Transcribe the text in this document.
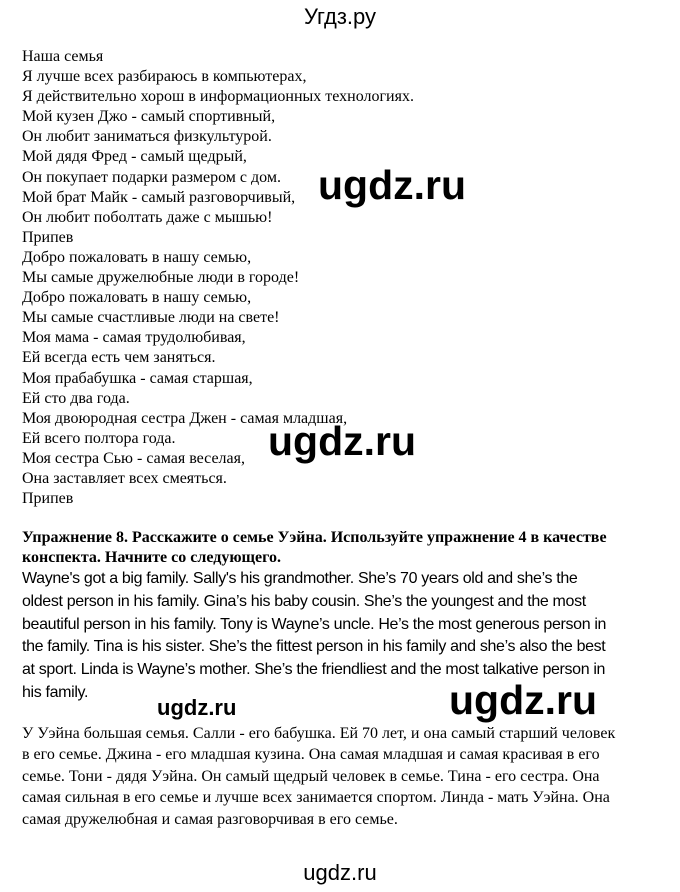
Угдз.ру
Наша семья
Я лучше всех разбираюсь в компьютерах,
Я действительно хорош в информационных технологиях.
Мой кузен Джо - самый спортивный,
Он любит заниматься физкультурой.
Мой дядя Фред - самый щедрый,
Он покупает подарки размером с дом.
Мой брат Майк - самый разговорчивый,
Он любит поболтать даже с мышью!
Припев
Добро пожаловать в нашу семью,
Мы самые дружелюбные люди в городе!
Добро пожаловать в нашу семью,
Мы самые счастливые люди на свете!
Моя мама - самая трудолюбивая,
Ей всегда есть чем заняться.
Моя прабабушка - самая старшая,
Ей сто два года.
Моя двоюродная сестра Джен - самая младшая,
Ей всего полтора года.
Моя сестра Сью - самая веселая,
Она заставляет всех смеяться.
Припев
ugdz.ru
ugdz.ru
Упражнение 8. Расскажите о семье Уэйна. Используйте упражнение 4 в качестве конспекта. Начните со следующего.
Wayne's got a big family. Sally's his grandmother. She’s 70 years old and she’s the oldest person in his family. Gina’s his baby cousin. She’s the youngest and the most beautiful person in his family. Tony is Wayne’s uncle. He’s the most generous person in the family. Tina is his sister. She’s the fittest person in his family and she’s also the best at sport. Linda is Wayne’s mother. She’s the friendliest and the most talkative person in his family.	ugdz.ru
ugdz.ru
У Уэйна большая семья. Салли - его бабушка. Ей 70 лет, и она самый старший человек в его семье. Джина - его младшая кузина. Она самая младшая и самая красивая в его семье. Тони - дядя Уэйна. Он самый щедрый человек в семье. Тина - его сестра. Она самая сильная в его семье и лучше всех занимается спортом. Линда - мать Уэйна. Она самая дружелюбная и самая разговорчивая в его семье.
ugdz.ru
